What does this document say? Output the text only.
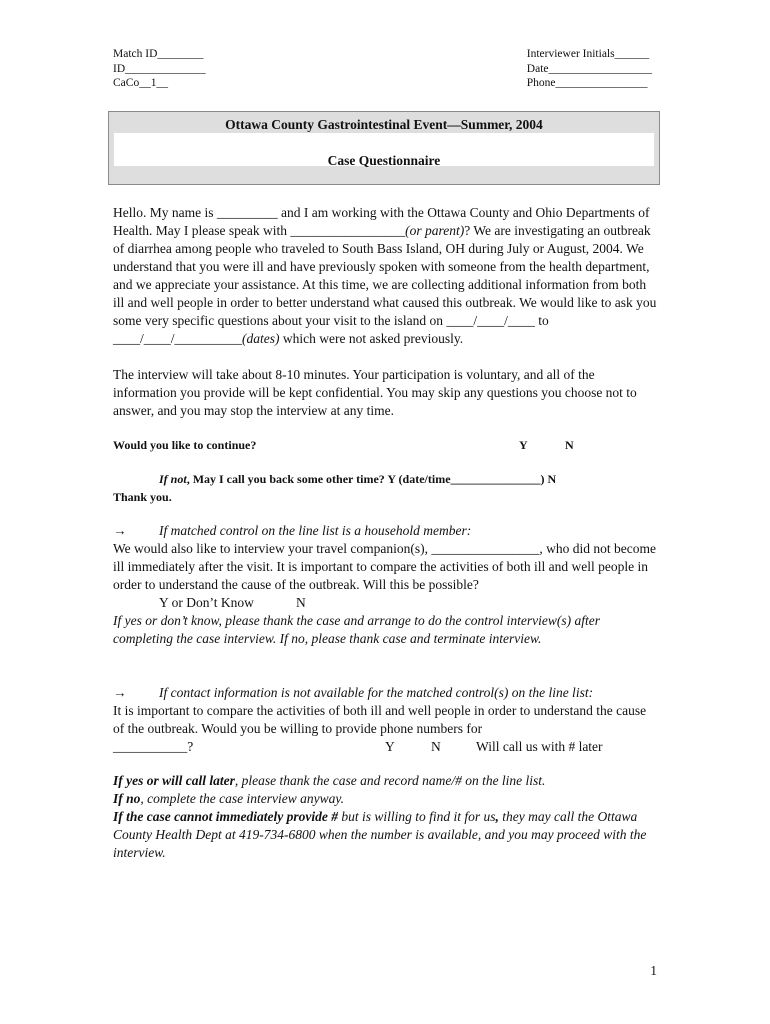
Match ID________
ID______________
CaCo__1__
Interviewer Initials______
Date__________________
Phone________________
Ottawa County Gastrointestinal Event—Summer, 2004
Case Questionnaire

Hello. My name is _________ and I am working with the Ottawa County and Ohio Departments of Health. May I please speak with _________________(or parent)? We are investigating an outbreak of diarrhea among people who traveled to South Bass Island, OH during July or August, 2004. We understand that you were ill and have previously spoken with someone from the health department, and we appreciate your assistance. At this time, we are collecting additional information from both ill and well people in order to better understand what caused this outbreak. We would like to ask you some very specific questions about your visit to the island on ____/____/____ to ____/____/__________(dates) which were not asked previously.

The interview will take about 8-10 minutes. Your participation is voluntary, and all of the information you provide will be kept confidential. You may skip any questions you choose not to answer, and you may stop the interview at any time.

Would you like to continue?	Y	N

If not, May I call you back some other time? Y (date/time_______________) N

Thank you.

→ If matched control on the line list is a household member:

We would also like to interview your travel companion(s), ________________, who did not become ill immediately after the visit. It is important to compare the activities of both ill and well people in order to understand the cause of the outbreak. Will this be possible?

Y or Don’t Know	N

If yes or don’t know, please thank the case and arrange to do the control interview(s) after completing the case interview. If no, please thank case and terminate interview.

→ If contact information is not available for the matched control(s) on the line list:

It is important to compare the activities of both ill and well people in order to understand the cause of the outbreak. Would you be willing to provide phone numbers for

___________?	Y	N	Will call us with # later

If yes or will call later, please thank the case and record name/# on the line list.

If no, complete the case interview anyway.

If the case cannot immediately provide # but is willing to find it for us, they may call the Ottawa County Health Dept at 419-734-6800 when the number is available, and you may proceed with the interview.

1
